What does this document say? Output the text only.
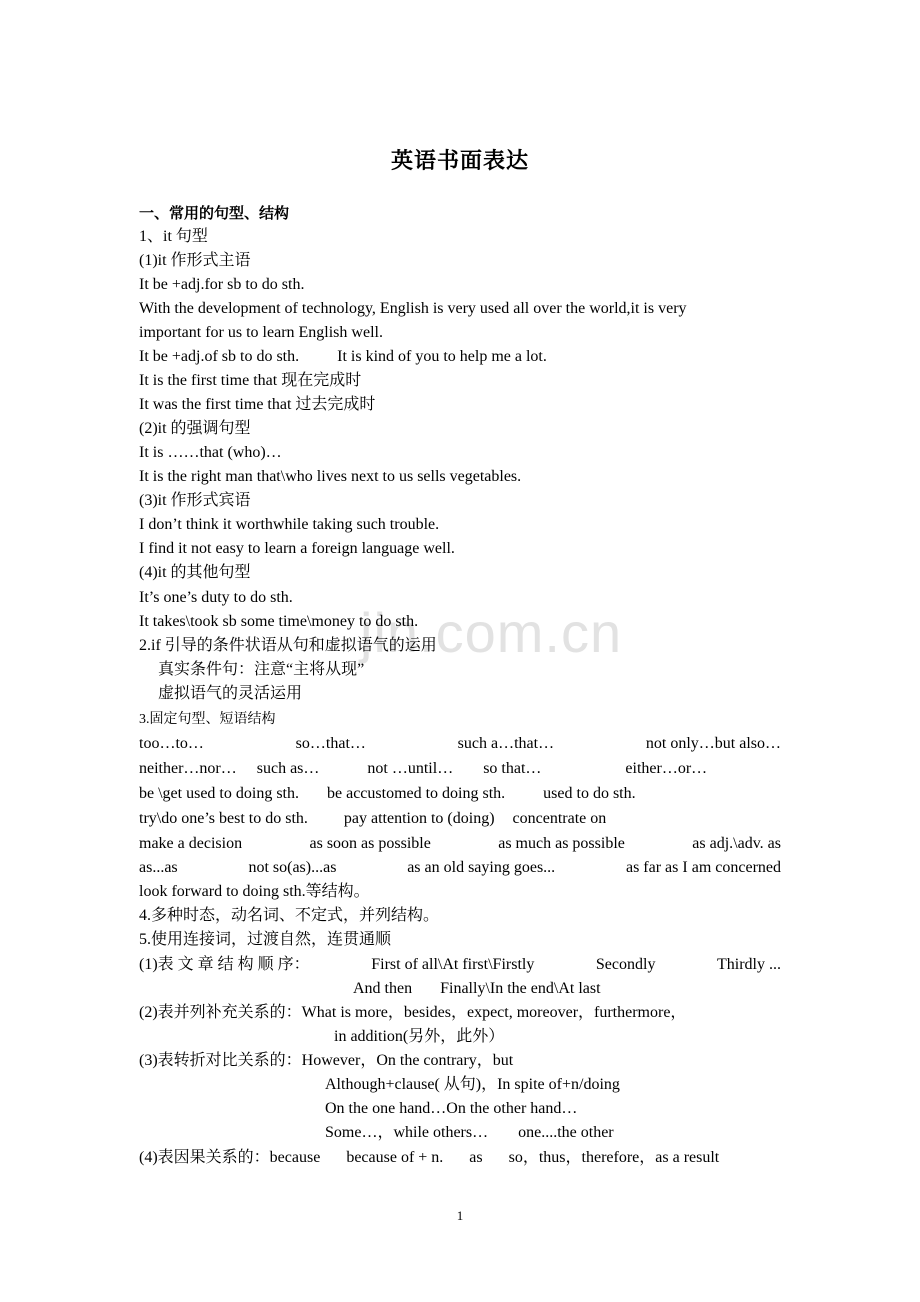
jin.com.cn
英语书面表达
一、常用的句型、结构
1、it 句型
(1)it 作形式主语
It be +adj.for sb to do sth.
With the development of technology, English is very used all over the world,it is very
important for us to learn English well.
It be +adj.of sb to do sth. It is kind of you to help me a lot.
It is the first time that 现在完成时
It was the first time that 过去完成时
(2)it 的强调句型
It is ……that (who)…
It is the right man that\who lives next to us sells vegetables.
(3)it 作形式宾语
I don’t think it worthwhile taking such trouble.
I find it not easy to learn a foreign language well.
(4)it 的其他句型
It’s one’s duty to do sth.
It takes\took sb some time\money to do sth.
2.if 引导的条件状语从句和虚拟语气的运用
真实条件句：注意“主将从现”
虚拟语气的灵活运用
3.固定句型、短语结构
too…to…	so…that…	such a…that…	not only…but also…
neither…nor… such as…	not …until… so that…	either…or…
be \get used to doing sth. be accustomed to doing sth. used to do sth.
try\do one’s best to do sth. pay attention to (doing) concentrate on
make a decision	as soon as possible	as much as possible	as adj.\adv. as
as...as	not so(as)...as	as an old saying goes...	as far as I am concerned
look forward to doing sth.等结构。
4.多种时态，动名词、不定式，并列结构。
5.使用连接词，过渡自然，连贯通顺
(1)表 文 章 结 构 顺 序：	First of all\At first\Firstly	Secondly	Thirdly ...
And then Finally\In the end\At last
(2)表并列补充关系的：What is more，besides，expect, moreover，furthermore，
in addition(另外，此外）
(3)表转折对比关系的：However，On the contrary，but
Although+clause( 从句)，In spite of+n/doing
On the one hand…On the other hand…
Some…，while others… one....the other
(4)表因果关系的：because because of + n. as so，thus，therefore，as a result
1
